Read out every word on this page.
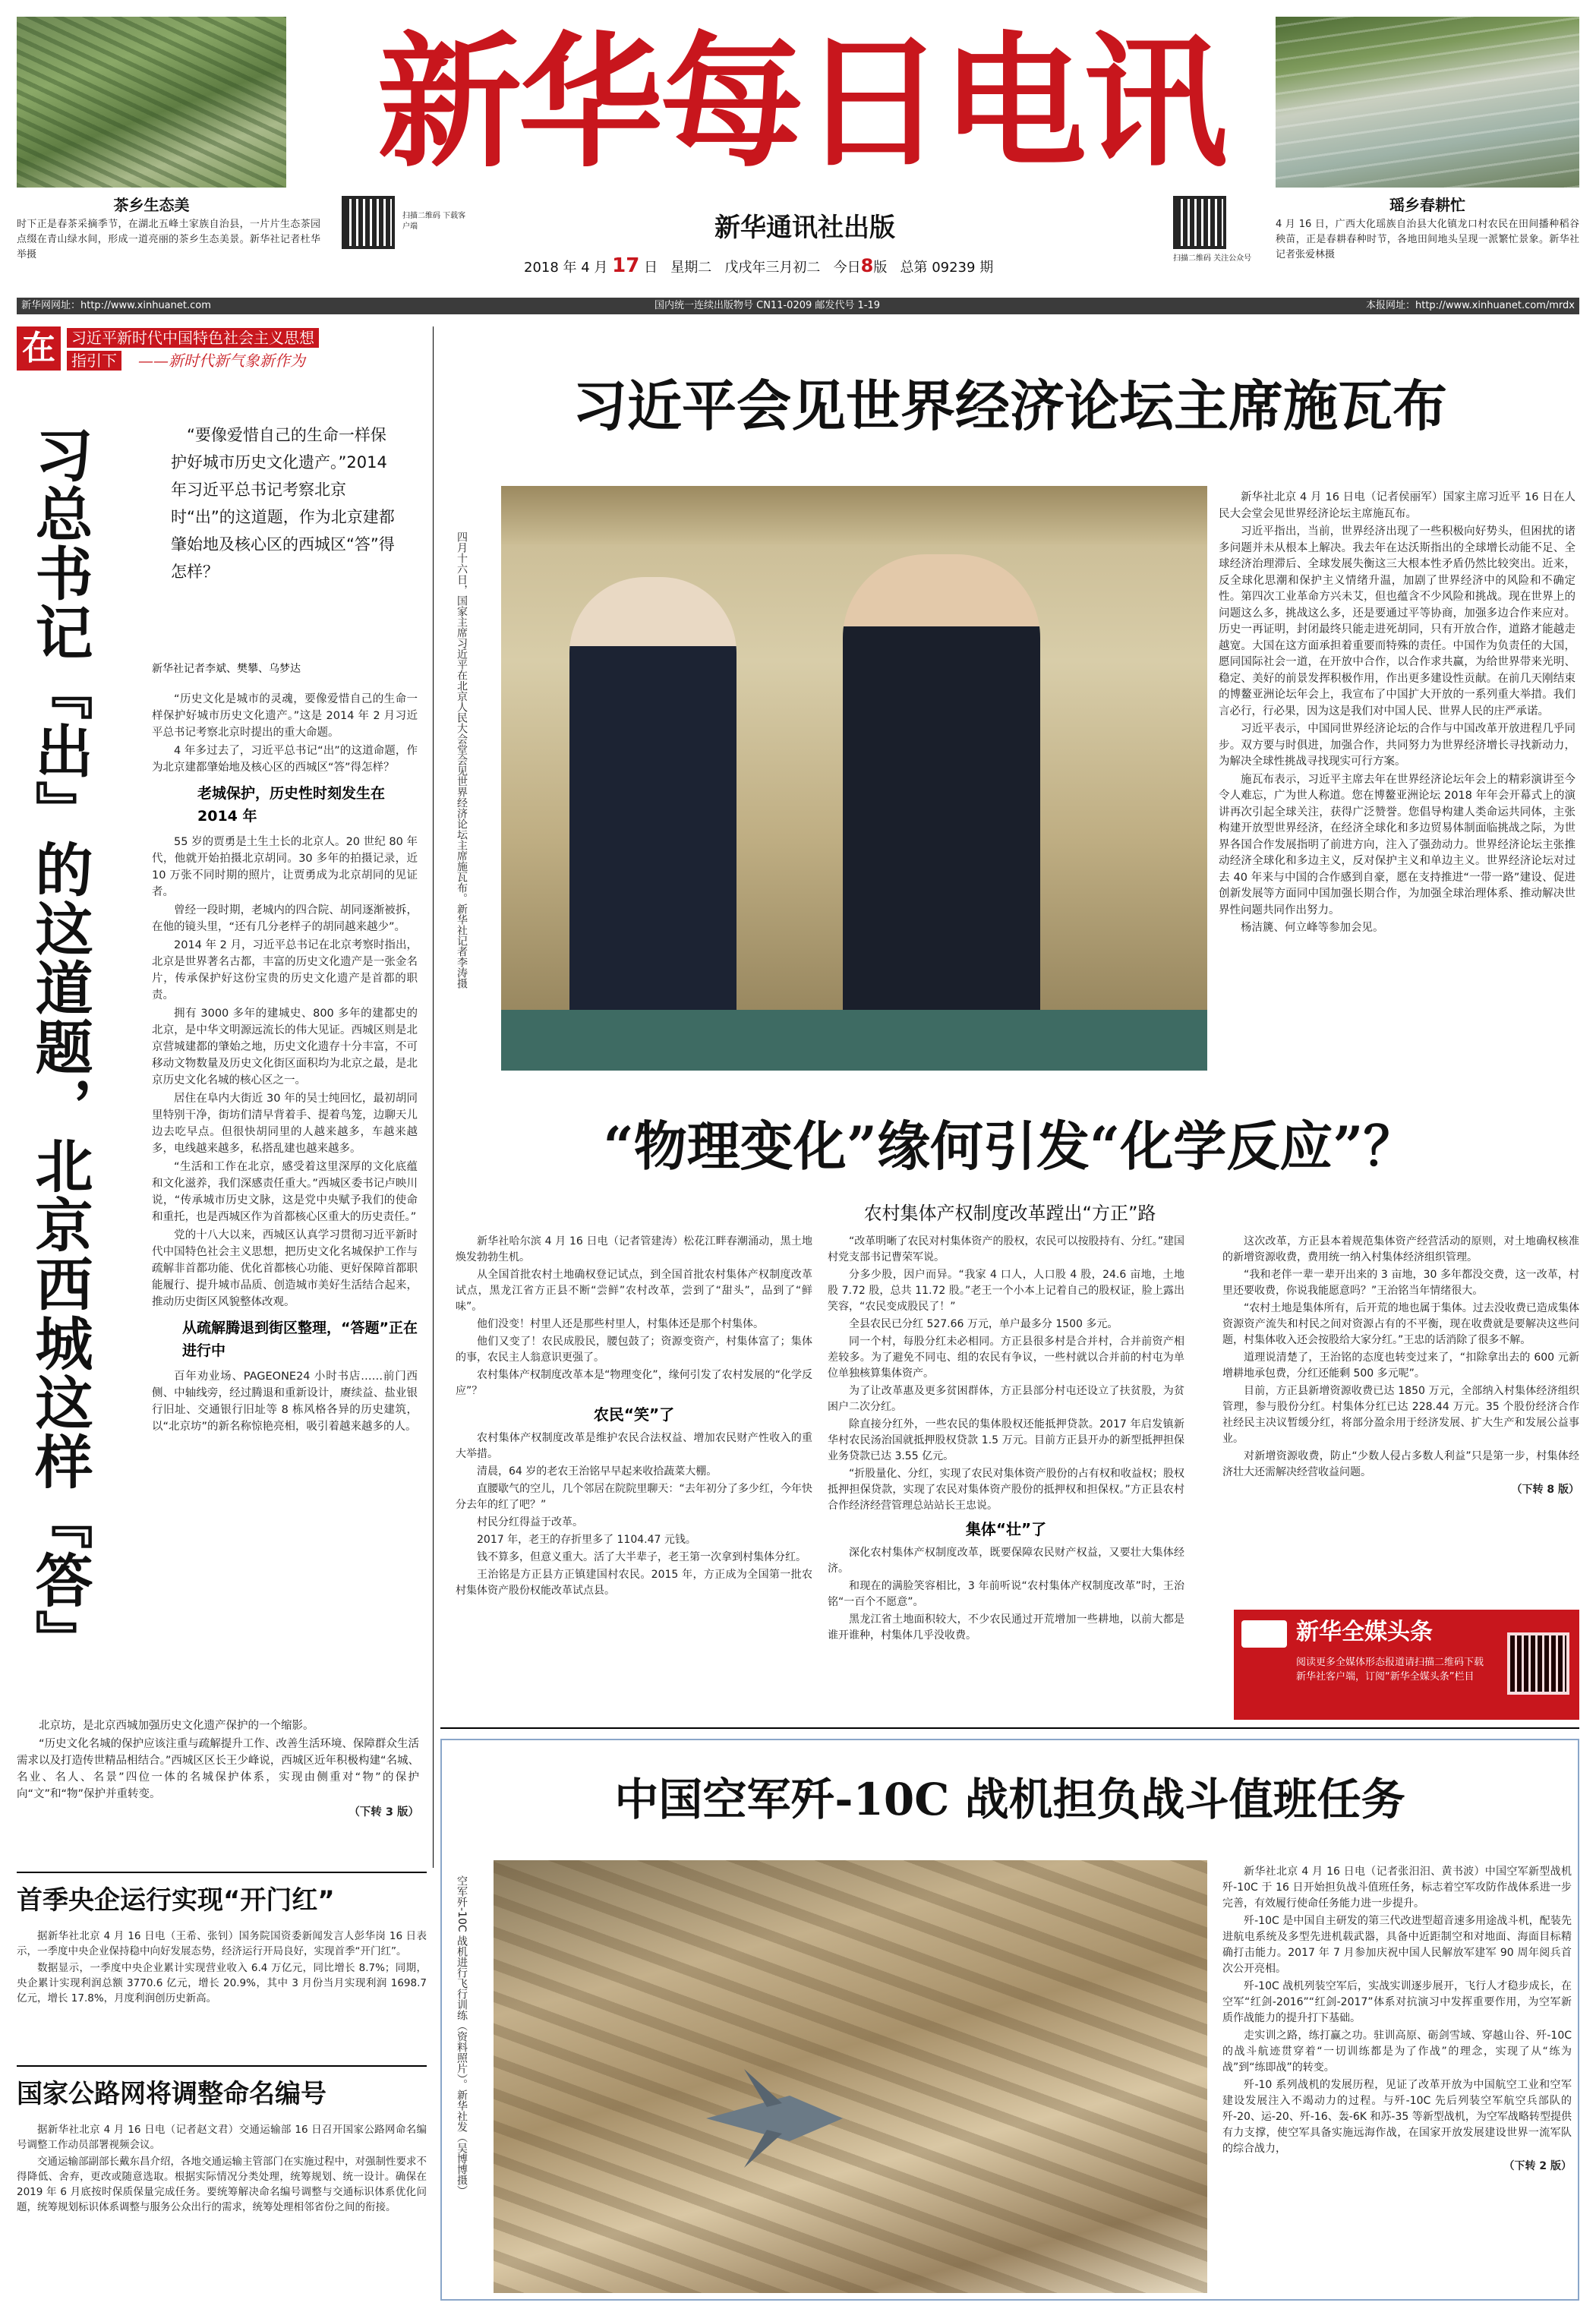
茶乡生态美
时下正是春茶采摘季节，在湖北五峰土家族自治县，一片片生态茶园点缀在青山绿水间，形成一道亮丽的茶乡生态美景。新华社记者杜华举摄
新华每日电讯
扫描二维码 下载客户端	新华通讯社出版
2018 年 4 月 17 日 星期二 戊戌年三月初二 今日8版 总第 09239 期
扫描二维码 关注公众号
瑶乡春耕忙
4 月 16 日，广西大化瑶族自治县大化镇龙口村农民在田间播种稻谷秧苗，正是春耕春种时节，各地田间地头呈现一派繁忙景象。新华社记者张爱林摄
新华网网址：http://www.xinhuanet.com	国内统一连续出版物号 CN11-0209 邮发代号 1-19	本报网址：http://www.xinhuanet.com/mrdx
在	习近平新时代中国特色社会主义思想
指引下	——新时代新气象新作为
习总书记『出』的这道题，北京西城这样『答』	“要像爱惜自己的生命一样保护好城市历史文化遗产。”2014 年习近平总书记考察北京时“出”的这道题，作为北京建都肇始地及核心区的西城区“答”得怎样？
新华社记者李斌、樊攀、乌梦达

“历史文化是城市的灵魂，要像爱惜自己的生命一样保护好城市历史文化遗产。”这是 2014 年 2 月习近平总书记考察北京时提出的重大命题。

4 年多过去了，习近平总书记“出”的这道命题，作为北京建都肇始地及核心区的西城区“答”得怎样？

老城保护，历史性时刻发生在 2014 年

55 岁的贾勇是土生土长的北京人。20 世纪 80 年代，他就开始拍摄北京胡同。30 多年的拍摄记录，近 10 万张不同时期的照片，让贾勇成为北京胡同的见证者。

曾经一段时期，老城内的四合院、胡同逐渐被拆，在他的镜头里，“还有几分老样子的胡同越来越少”。

2014 年 2 月，习近平总书记在北京考察时指出，北京是世界著名古都，丰富的历史文化遗产是一张金名片，传承保护好这份宝贵的历史文化遗产是首都的职责。

拥有 3000 多年的建城史、800 多年的建都史的北京，是中华文明源远流长的伟大见证。西城区则是北京营城建都的肇始之地，历史文化遗存十分丰富，不可移动文物数量及历史文化街区面积均为北京之最，是北京历史文化名城的核心区之一。

居住在阜内大街近 30 年的吴士纯回忆，最初胡同里特别干净，街坊们清早背着手、提着鸟笼，边聊天儿边去吃早点。但很快胡同里的人越来越多，车越来越多，电线越来越多，私搭乱建也越来越多。

“生活和工作在北京，感受着这里深厚的文化底蕴和文化滋养，我们深感责任重大。”西城区委书记卢映川说，“传承城市历史文脉，这是党中央赋予我们的使命和重托，也是西城区作为首都核心区重大的历史责任。”

党的十八大以来，西城区认真学习贯彻习近平新时代中国特色社会主义思想，把历史文化名城保护工作与疏解非首都功能、优化首都核心功能、更好保障首都职能履行、提升城市品质、创造城市美好生活结合起来，推动历史街区风貌整体改观。

从疏解腾退到街区整理，“答题”正在进行中

百年劝业场、PAGEONE24 小时书店……前门西侧、中轴线旁，经过腾退和重新设计，赓续益、盐业银行旧址、交通银行旧址等 8 栋风格各异的历史建筑，以“北京坊”的新名称惊艳亮相，吸引着越来越多的人。

北京坊，是北京西城加强历史文化遗产保护的一个缩影。

“历史文化名城的保护应该注重与疏解提升工作、改善生活环境、保障群众生活需求以及打造传世精品相结合。”西城区区长王少峰说，西城区近年积极构建“名城、名业、名人、名景”四位一体的名城保护体系，实现由侧重对“物”的保护向“文”和“物”保护并重转变。

（下转 3 版）
首季央企运行实现“开门红”

据新华社北京 4 月 16 日电（王希、张钊）国务院国资委新闻发言人彭华岗 16 日表示，一季度中央企业保持稳中向好发展态势，经济运行开局良好，实现首季“开门红”。

数据显示，一季度中央企业累计实现营业收入 6.4 万亿元，同比增长 8.7%；同期，央企累计实现利润总额 3770.6 亿元，增长 20.9%，其中 3 月份当月实现利润 1698.7 亿元，增长 17.8%，月度利润创历史新高。

国家公路网将调整命名编号

据新华社北京 4 月 16 日电（记者赵文君）交通运输部 16 日召开国家公路网命名编号调整工作动员部署视频会议。

交通运输部副部长戴东昌介绍，各地交通运输主管部门在实施过程中，对强制性要求不得降低、舍弃，更改或随意选取。根据实际情况分类处理，统筹规划、统一设计。确保在 2019 年 6 月底按时保质保量完成任务。要统筹解决命名编号调整与交通标识体系优化问题，统筹规划标识体系调整与服务公众出行的需求，统筹处理相邻省份之间的衔接。

习近平会见世界经济论坛主席施瓦布
四月十六日，国家主席习近平在北京人民大会堂会见世界经济论坛主席施瓦布。新华社记者李涛摄

新华社北京 4 月 16 日电（记者侯丽军）国家主席习近平 16 日在人民大会堂会见世界经济论坛主席施瓦布。

习近平指出，当前，世界经济出现了一些积极向好势头，但困扰的诸多问题并未从根本上解决。我去年在达沃斯指出的全球增长动能不足、全球经济治理滞后、全球发展失衡这三大根本性矛盾仍然比较突出。近来，反全球化思潮和保护主义情绪升温，加剧了世界经济中的风险和不确定性。第四次工业革命方兴未艾，但也蕴含不少风险和挑战。现在世界上的问题这么多，挑战这么多，还是要通过平等协商，加强多边合作来应对。历史一再证明，封闭最终只能走进死胡同，只有开放合作，道路才能越走越宽。大国在这方面承担着重要而特殊的责任。中国作为负责任的大国，愿同国际社会一道，在开放中合作，以合作求共赢，为给世界带来光明、稳定、美好的前景发挥积极作用，作出更多建设性贡献。在前几天刚结束的博鳌亚洲论坛年会上，我宣布了中国扩大开放的一系列重大举措。我们言必行，行必果，因为这是我们对中国人民、世界人民的庄严承诺。

习近平表示，中国同世界经济论坛的合作与中国改革开放进程几乎同步。双方要与时俱进，加强合作，共同努力为世界经济增长寻找新动力，为解决全球性挑战寻找现实可行方案。

施瓦布表示，习近平主席去年在世界经济论坛年会上的精彩演讲至今令人难忘，广为世人称道。您在博鳌亚洲论坛 2018 年年会开幕式上的演讲再次引起全球关注，获得广泛赞誉。您倡导构建人类命运共同体，主张构建开放型世界经济，在经济全球化和多边贸易体制面临挑战之际，为世界各国合作发展指明了前进方向，注入了强劲动力。世界经济论坛主张推动经济全球化和多边主义，反对保护主义和单边主义。世界经济论坛对过去 40 年来与中国的合作感到自豪，愿在支持推进“一带一路”建设、促进创新发展等方面同中国加强长期合作，为加强全球治理体系、推动解决世界性问题共同作出努力。

杨洁篪、何立峰等参加会见。

“物理变化”缘何引发“化学反应”？
农村集体产权制度改革蹚出“方正”路

新华社哈尔滨 4 月 16 日电（记者管建涛）松花江畔春潮涌动，黑土地焕发勃勃生机。

从全国首批农村土地确权登记试点，到全国首批农村集体产权制度改革试点，黑龙江省方正县不断“尝鲜”农村改革，尝到了“甜头”，品到了“鲜味”。

他们没变！村里人还是那些村里人，村集体还是那个村集体。

他们又变了！农民成股民，腰包鼓了；资源变资产，村集体富了；集体的事，农民主人翁意识更强了。

农村集体产权制度改革本是“物理变化”，缘何引发了农村发展的“化学反应”？

农民“笑”了

农村集体产权制度改革是维护农民合法权益、增加农民财产性收入的重大举措。

清晨，64 岁的老农王治铭早早起来收拾蔬菜大棚。

直腰歇气的空儿，几个邻居在院院里聊天：“去年初分了多少红，今年快分去年的红了吧？”

村民分红得益于改革。

2017 年，老王的存折里多了 1104.47 元钱。

钱不算多，但意义重大。活了大半辈子，老王第一次拿到村集体分红。

王治铭是方正县方正镇建国村农民。2015 年，方正成为全国第一批农村集体资产股份权能改革试点县。

“改革明晰了农民对村集体资产的股权，农民可以按股持有、分红。”建国村党支部书记曹荣军说。

分多少股，因户而异。“我家 4 口人，人口股 4 股，24.6 亩地，土地股 7.72 股，总共 11.72 股。”老王一个小本上记着自己的股权证，脸上露出笑容，“农民变成股民了！”

全县农民已分红 527.66 万元，单户最多分 1500 多元。

同一个村，每股分红未必相同。方正县很多村是合并村，合并前资产相差较多。为了避免不同屯、组的农民有争议，一些村就以合并前的村屯为单位单独核算集体资产。

为了让改革惠及更多贫困群体，方正县部分村屯还设立了扶贫股，为贫困户二次分红。

除直接分红外，一些农民的集体股权还能抵押贷款。2017 年启发镇新华村农民汤治国就抵押股权贷款 1.5 万元。目前方正县开办的新型抵押担保业务贷款已达 3.55 亿元。

“折股量化、分红，实现了农民对集体资产股份的占有权和收益权；股权抵押担保贷款，实现了农民对集体资产股份的抵押权和担保权。”方正县农村合作经济经营管理总站站长王忠说。

集体“壮”了

深化农村集体产权制度改革，既要保障农民财产权益，又要壮大集体经济。

和现在的满脸笑容相比，3 年前听说“农村集体产权制度改革”时，王治铭“一百个不愿意”。

黑龙江省土地面积较大，不少农民通过开荒增加一些耕地，以前大都是谁开谁种，村集体几乎没收费。

这次改革，方正县本着规范集体资产经营活动的原则，对土地确权核准的新增资源收费，费用统一纳入村集体经济组织管理。

“我和老伴一辈一辈开出来的 3 亩地，30 多年都没交费，这一改革，村里还要收费，你说我能愿意吗？”王治铭当年情绪很大。

“农村土地是集体所有，后开荒的地也属于集体。过去没收费已造成集体资源资产流失和村民之间对资源占有的不平衡，现在收费就是要解决这些问题，村集体收入还会按股给大家分红。”王忠的话消除了很多不解。

道理说清楚了，王治铭的态度也转变过来了，“扣除拿出去的 600 元新增耕地承包费，分红还能剩 500 多元呢”。

目前，方正县新增资源收费已达 1850 万元，全部纳入村集体经济组织管理，参与股份分红。村集体分红已达 228.44 万元。35 个股份经济合作社经民主决议暂缓分红，将部分盈余用于经济发展、扩大生产和发展公益事业。

对新增资源收费，防止“少数人侵占多数人利益”只是第一步，村集体经济壮大还需解决经营收益问题。

（下转 8 版）
新华全媒头条
阅读更多全媒体形态报道请扫描二维码下载新华社客户端，订阅“新华全媒头条”栏目
中国空军歼-10C 战机担负战斗值班任务
空军歼-10C 战机进行飞行训练（资料照片）。新华社发（吴博博摄）

新华社北京 4 月 16 日电（记者张汨汨、黄书波）中国空军新型战机歼-10C 于 16 日开始担负战斗值班任务，标志着空军攻防作战体系进一步完善，有效履行使命任务能力进一步提升。

歼-10C 是中国自主研发的第三代改进型超音速多用途战斗机，配装先进航电系统及多型先进机载武器，具备中近距制空和对地面、海面目标精确打击能力。2017 年 7 月参加庆祝中国人民解放军建军 90 周年阅兵首次公开亮相。

歼-10C 战机列装空军后，实战实训逐步展开，飞行人才稳步成长，在空军“红剑-2016”“红剑-2017”体系对抗演习中发挥重要作用，为空军新质作战能力的提升打下基础。

走实训之路，练打赢之功。驻训高原、砺剑雪域、穿越山谷、歼-10C 的战斗航迹贯穿着“一切训练都是为了作战”的理念，实现了从“练为战”到“练即战”的转变。

歼-10 系列战机的发展历程，见证了改革开放为中国航空工业和空军建设发展注入不竭动力的过程。与歼-10C 先后列装空军航空兵部队的歼-20、运-20、歼-16、轰-6K 和苏-35 等新型战机，为空军战略转型提供有力支撑，使空军具备实施远海作战，在国家开放发展建设世界一流军队的综合战力，

（下转 2 版）
